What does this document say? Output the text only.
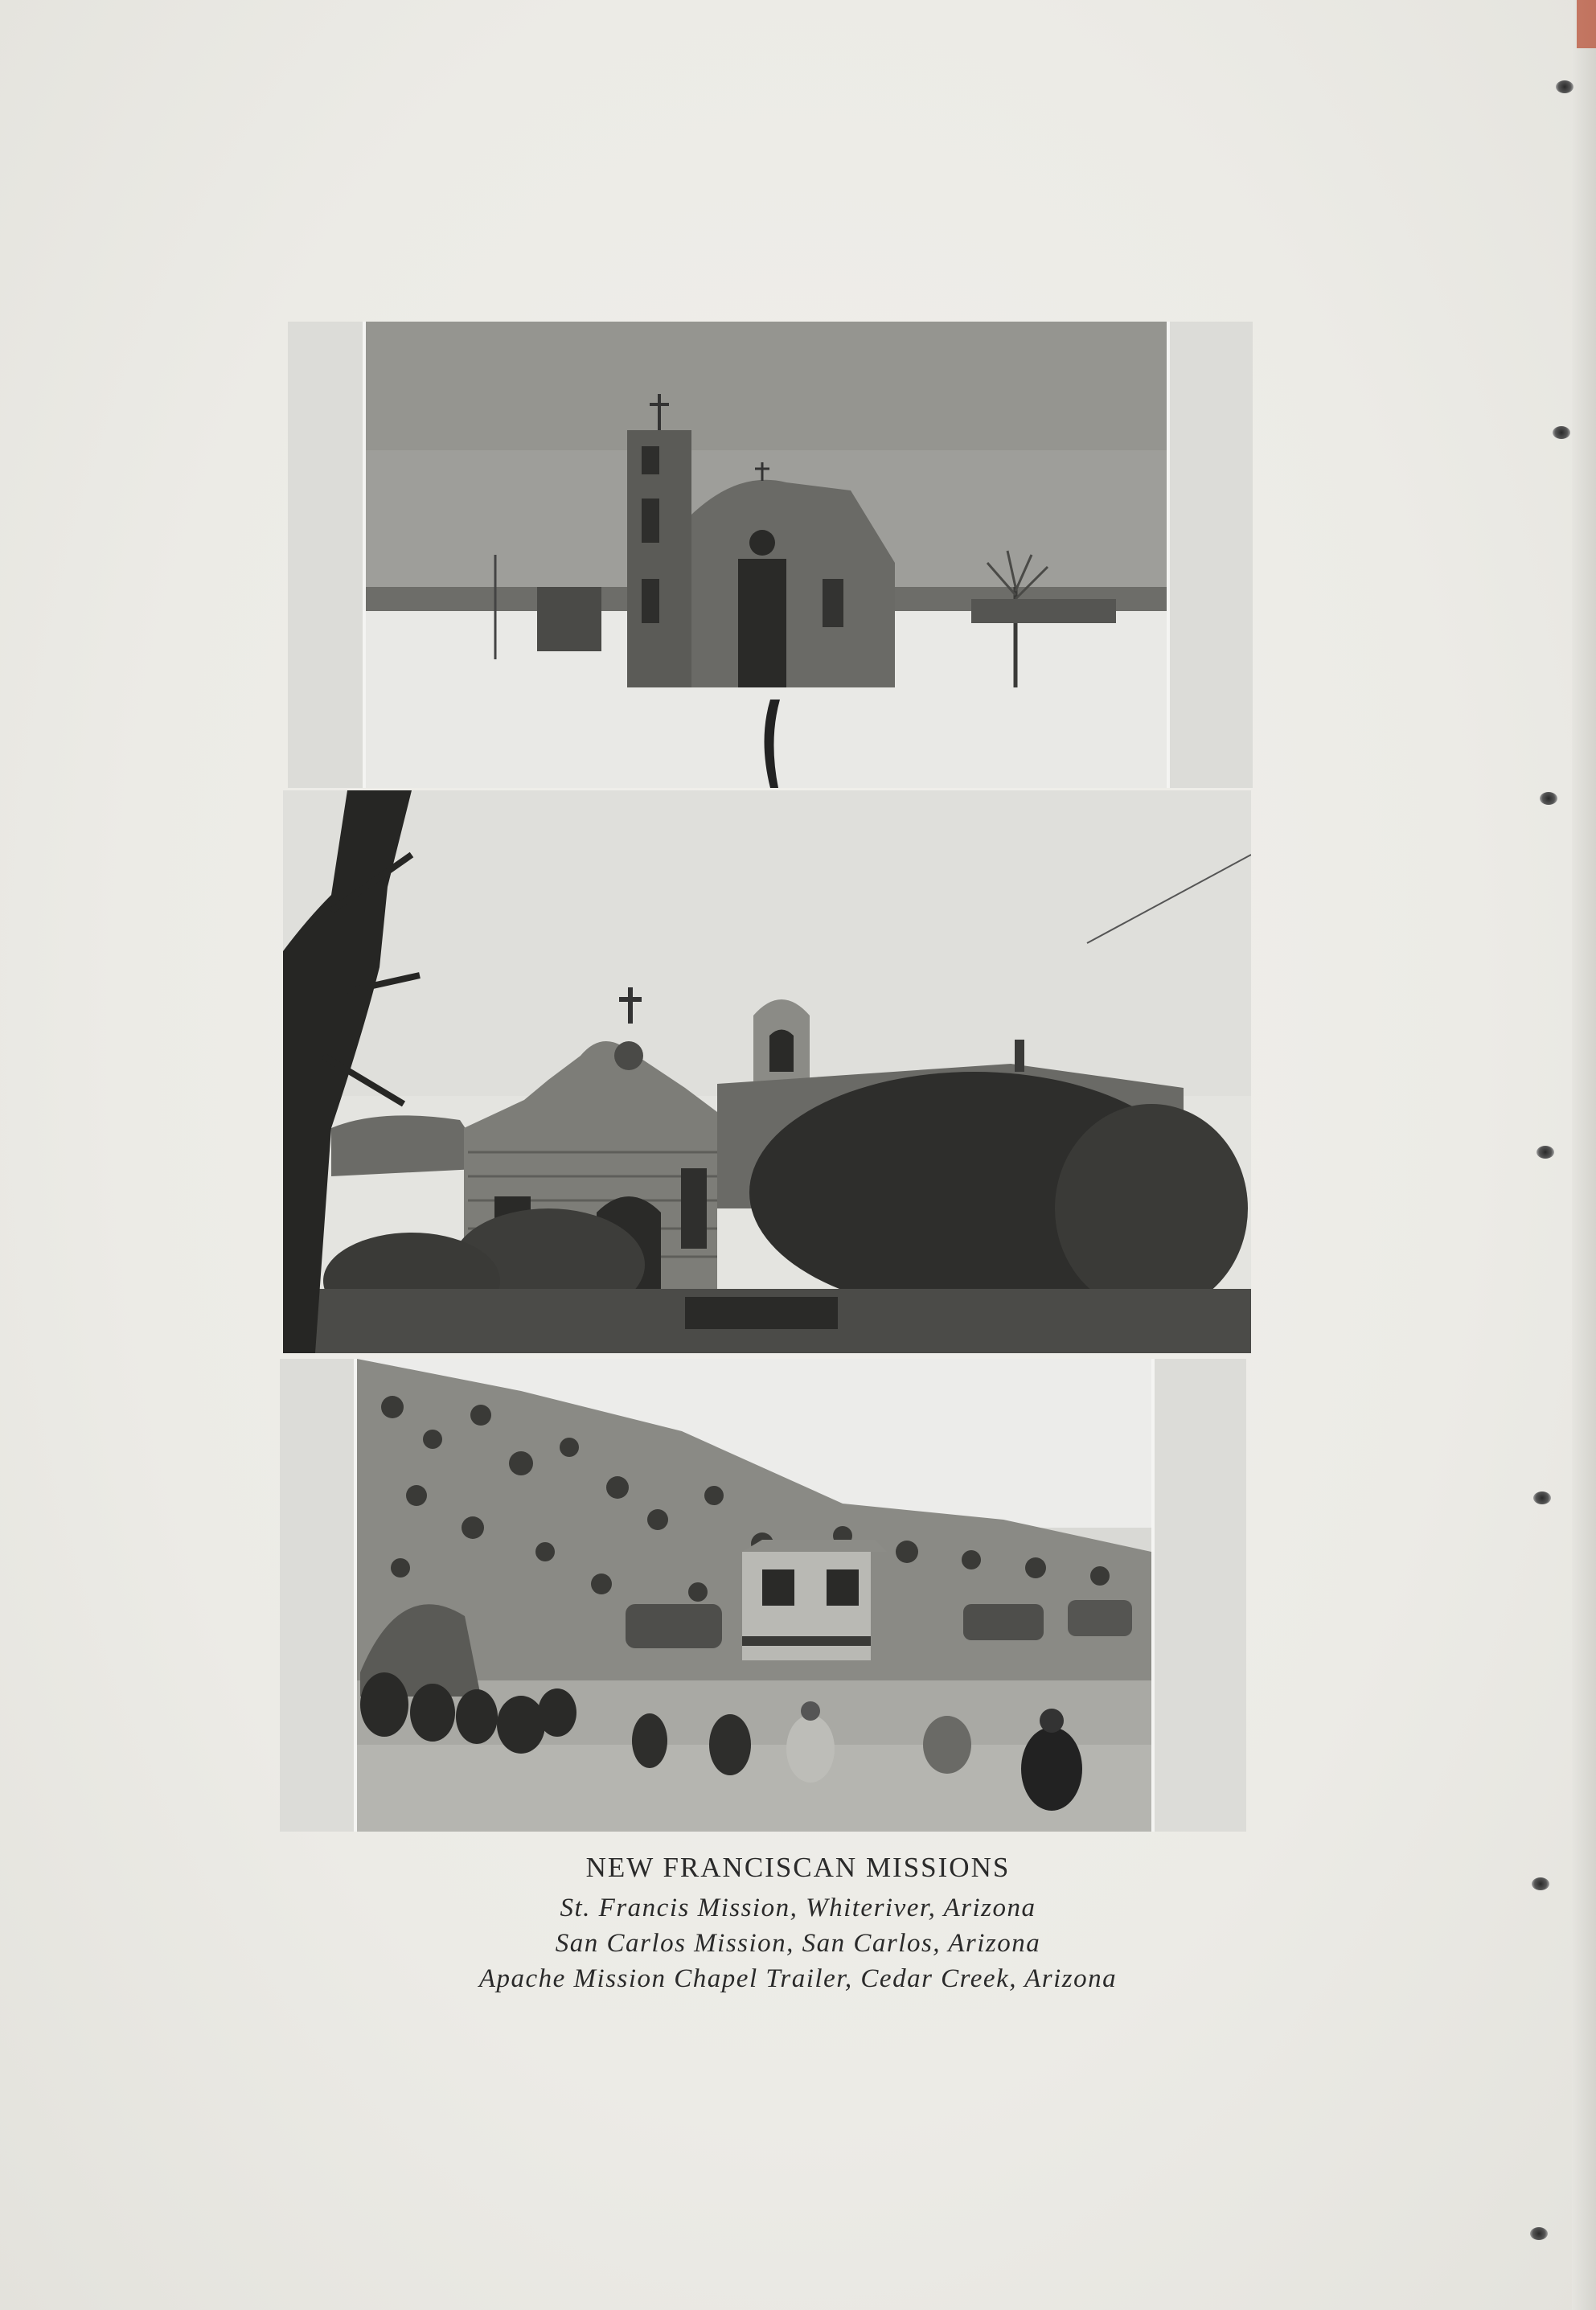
NEW FRANCISCAN MISSIONS
St. Francis Mission, Whiteriver, Arizona
San Carlos Mission, San Carlos, Arizona
Apache Mission Chapel Trailer, Cedar Creek, Arizona
